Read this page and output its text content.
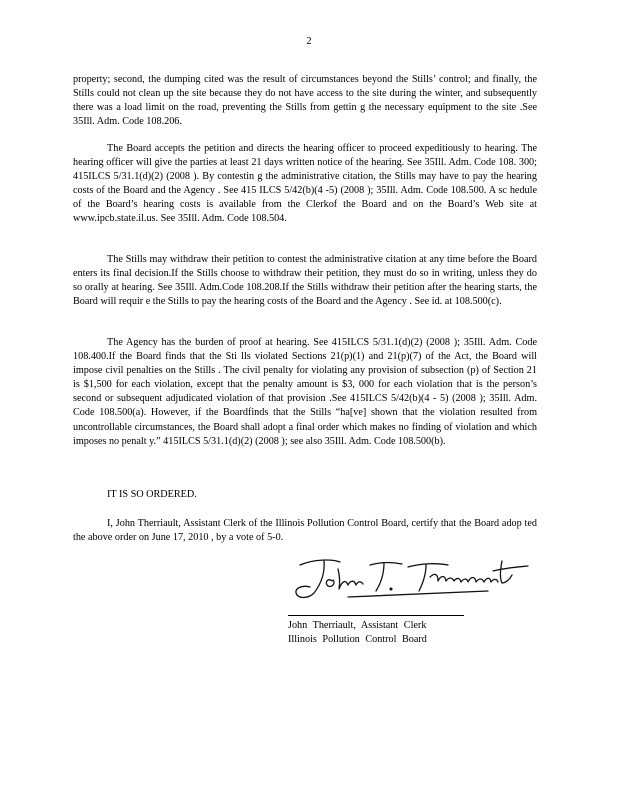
2

property; second, the dumping cited was the result of circumstances beyond the Stills’ control; and finally, the Stills could not clean up the site because they do not have access to the site during the winter, and subsequently there was a load limit on the road, preventing the Stills from gettin g the necessary equipment to the site .See 35Ill. Adm. Code 108.206.

The Board accepts the petition and directs the hearing officer to proceed expeditiously to hearing. The hearing officer will give the parties at least 21 days written notice of the hearing. See 35Ill. Adm. Code 108. 300; 415ILCS 5/31.1(d)(2) (2008 ). By contestin g the administrative citation, the Stills may have to pay the hearing costs of the Board and the Agency . See 415 ILCS 5/42(b)(4 -5) (2008 ); 35Ill. Adm. Code 108.500. A sc hedule of the Board’s hearing costs is available from the Clerkof the Board and on the Board’s Web site at www.ipcb.state.il.us. See 35Ill. Adm. Code 108.504.

The Stills may withdraw their petition to contest the administrative citation at any time before the Board enters its final decision.If the Stills choose to withdraw their petition, they must do so in writing, unless they do so orally at hearing. See 35Ill. Adm.Code 108.208.If the Stills withdraw their petition after the hearing starts, the Board will requir e the Stills to pay the hearing costs of the Board and the Agency . See id. at 108.500(c).

The Agency has the burden of proof at hearing. See 415ILCS 5/31.1(d)(2) (2008 ); 35Ill. Adm. Code 108.400.If the Board finds that the Sti lls violated Sections 21(p)(1) and 21(p)(7) of the Act, the Board will impose civil penalties on the Stills . The civil penalty for violating any provision of subsection (p) of Section 21 is $1,500 for each violation, except that the penalty amount is $3, 000 for each violation that is the person’s second or subsequent adjudicated violation of that provision .See 415ILCS 5/42(b)(4 - 5) (2008 ); 35Ill. Adm. Code 108.500(a). However, if the Boardfinds that the Stills “ha[ve] shown that the violation resulted from uncontrollable circumstances, the Board shall adopt a final order which makes no finding of violation and which imposes no penalt y.” 415ILCS 5/31.1(d)(2) (2008 ); see also 35Ill. Adm. Code 108.500(b).

IT IS SO ORDERED.

I, John Therriault, Assistant Clerk of the Illinois Pollution Control Board, certify that the Board adop ted the above order on June 17, 2010 , by a vote of 5-0.

John Therriault, Assistant Clerk
Illinois Pollution Control Board
